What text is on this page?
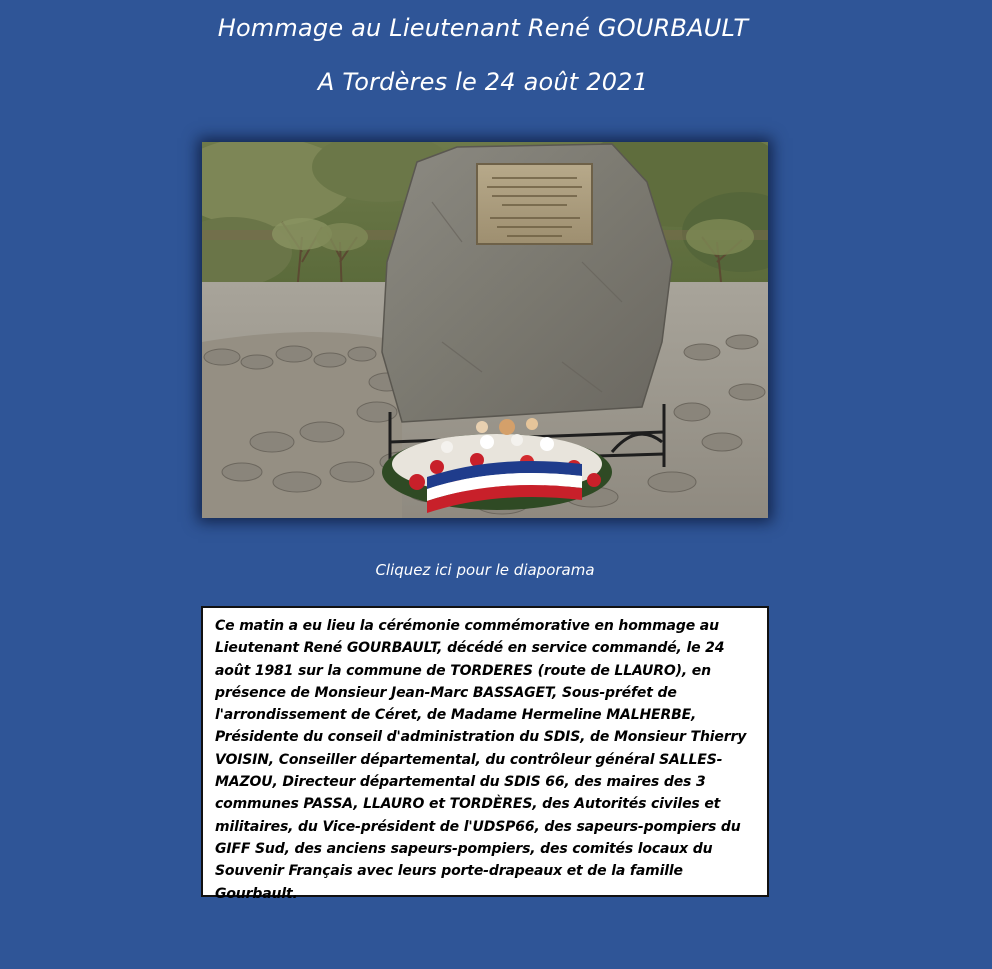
Hommage au Lieutenant René GOURBAULT
A Tordères le 24 août 2021
Cliquez ici pour le diaporama

Ce matin a eu lieu la cérémonie commémorative en hommage au Lieutenant René GOURBAULT, décédé en service commandé, le 24 août 1981 sur la commune de TORDERES (route de LLAURO), en présence de Monsieur Jean-Marc BASSAGET, Sous-préfet de l'arrondissement de Céret, de Madame Hermeline MALHERBE, Présidente du conseil d'administration du SDIS, de Monsieur Thierry VOISIN, Conseiller départemental, du contrôleur général SALLES-MAZOU, Directeur départemental du SDIS 66, des maires des 3 communes PASSA, LLAURO et TORDÈRES, des Autorités civiles et militaires, du Vice-président de l'UDSP66, des sapeurs-pompiers du GIFF Sud, des anciens sapeurs-pompiers, des comités locaux du Souvenir Français avec leurs porte-drapeaux et de la famille Gourbault.
